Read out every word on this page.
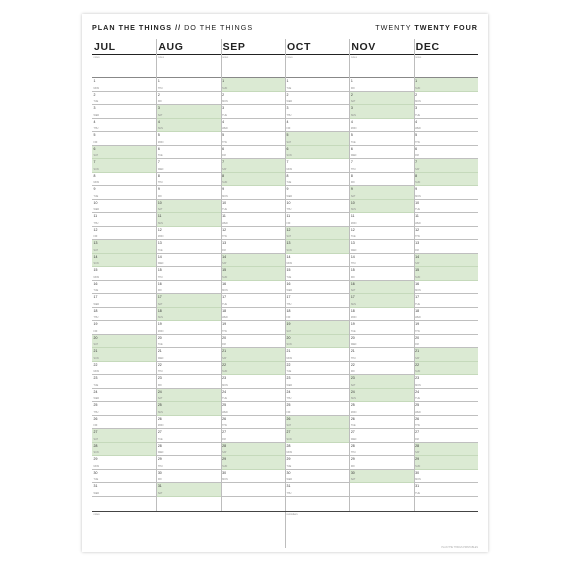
PLAN THE THINGS // DO THE THINGS	TWENTY TWENTY FOUR
JUL
notes
1
MON
2
TUE
3
WED
4
THU
5
FRI
6
SAT
7
SUN
8
MON
9
TUE
10
WED
11
THU
12
FRI
13
SAT
14
SUN
15
MON
16
TUE
17
WED
18
THU
19
FRI
20
SAT
21
SUN
22
MON
23
TUE
24
WED
25
THU
26
FRI
27
SAT
28
SUN
29
MON
30
TUE
31
WED
AUG
notes
1
THU
2
FRI
3
SAT
4
SUN
5
MON
6
TUE
7
WED
8
THU
9
FRI
10
SAT
11
SUN
12
MON
13
TUE
14
WED
15
THU
16
FRI
17
SAT
18
SUN
19
MON
20
TUE
21
WED
22
THU
23
FRI
24
SAT
25
SUN
26
MON
27
TUE
28
WED
29
THU
30
FRI
31
SAT
SEP
notes
1
SUN
2
MON
3
TUE
4
WED
5
THU
6
FRI
7
SAT
8
SUN
9
MON
10
TUE
11
WED
12
THU
13
FRI
14
SAT
15
SUN
16
MON
17
TUE
18
WED
19
THU
20
FRI
21
SAT
22
SUN
23
MON
24
TUE
25
WED
26
THU
27
FRI
28
SAT
29
SUN
30
MON
OCT
notes
1
TUE
2
WED
3
THU
4
FRI
5
SAT
6
SUN
7
MON
8
TUE
9
WED
10
THU
11
FRI
12
SAT
13
SUN
14
MON
15
TUE
16
WED
17
THU
18
FRI
19
SAT
20
SUN
21
MON
22
TUE
23
WED
24
THU
25
FRI
26
SAT
27
SUN
28
MON
29
TUE
30
WED
31
THU
NOV
notes
1
FRI
2
SAT
3
SUN
4
MON
5
TUE
6
WED
7
THU
8
FRI
9
SAT
10
SUN
11
MON
12
TUE
13
WED
14
THU
15
FRI
16
SAT
17
SUN
18
MON
19
TUE
20
WED
21
THU
22
FRI
23
SAT
24
SUN
25
MON
26
TUE
27
WED
28
THU
29
FRI
30
SAT
DEC
notes
1
SUN
2
MON
3
TUE
4
WED
5
THU
6
FRI
7
SAT
8
SUN
9
MON
10
TUE
11
WED
12
THU
13
FRI
14
SAT
15
SUN
16
MON
17
TUE
18
WED
19
THU
20
FRI
21
SAT
22
SUN
23
MON
24
TUE
25
WED
26
THU
27
FRI
28
SAT
29
SUN
30
MON
31
TUE
notes	reminders
PLAN THE THINGS PRINTABLES
